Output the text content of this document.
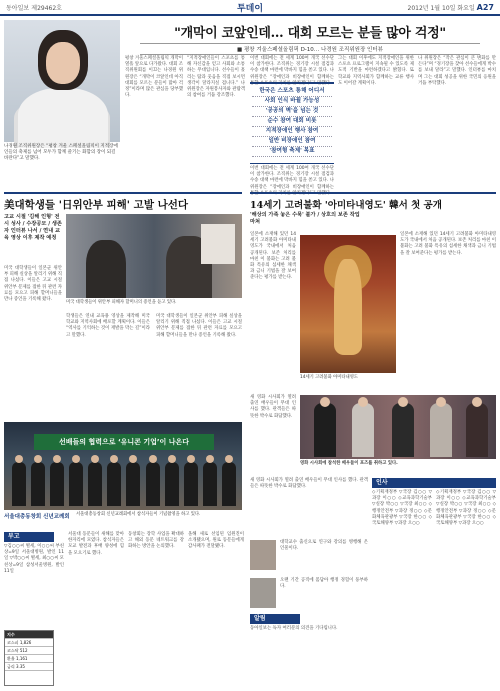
동아일보 제29462호	투데이	2012년 1월 10일 화요일 A27
나경원 조직위원장은 “평창 겨울 스페셜올림픽이 지적장애인들의 축제를 넘어 모두가 함께 즐기는 화합의 장이 되길 바란다”고 말했다.
"개막이 코앞인데… 대회 모르는 분들 많아 걱정"
■ 평창 겨울스페셜올림픽 D-10… 나경원 조직위원장 인터뷰
평창 겨울스페셜올림픽 개막이 열흘 앞으로 다가왔다. 대회 조직위원회를 이끄는 나경원 위원장은 “개막이 코앞인데 아직 대회를 모르는 분들이 많아 걱정”이라며 많은 관심을 당부했다.
“지적장애인들이 스포츠를 통해 자신감을 얻고 사회와 소통하는 무대입니다. 선수들이 흘리는 땀과 웃음을 직접 보시면 생각이 달라지실 겁니다.” 나 위원장은 자원봉사자와 관람객의 참여를 거듭 강조했다.
이번 대회에는 전 세계 100여 개국 선수단이 참가한다. 조직위는 경기장 시설 점검과 수송 대책 마련에 막바지 힘을 쏟고 있다. 나 위원장은 “장애인과 비장애인이 함께하는 통합 스포츠의 가치를 알리겠다”고 말했다.
한국은 스포츠 통해 어디서
사회 인식 바뀔 가능성
'공공의 벽'을 넘는 것
순수 참여 대회 비롯
지적장애인 행사 참여
일반 비장애인 참여
'참여형 축제' 목표
이번 대회에는 전 세계 100여 개국 선수단이 참가한다. 조직위는 경기장 시설 점검과 수송 대책 마련에 막바지 힘을 쏟고 있다. 나 위원장은 “장애인과 비장애인이 함께하는 통합 스포츠의 가치를 알리겠다”고 말했다.
그는 대회 이후에도 지적장애인을 위한 스포츠 프로그램이 지속될 수 있도록 제도적 기반을 마련하겠다고 밝혔다. 또 학교와 지역사회가 함께하는 교류 행사도 이어갈 계획이다.
나 위원장은 “작은 관심이 큰 변화를 만든다”며 “경기장을 찾아 선수들에게 박수를 보내 달라”고 말했다. 인터뷰를 마치며 그는 대회 성공을 위한 국민의 응원을 거듭 부탁했다.
美대학생들 '日위안부 피해' 고발 나선다
고교 시절 '김해 인형' 전시 성사 / 수장공모 / 생존자 인터뷰 나서 / 연내 교육 영상 이후 제작 예정
미국 대학생들이 일본군 위안부 피해 실상을 알리기 위해 직접 나섰다. 이들은 고교 시절 위안부 문제를 접한 뒤 관련 자료를 모으고 피해 할머니들을 만나 증언을 기록해 왔다.
미국 대학생들이 위안부 피해자 할머니의 증언을 듣고 있다.
학생들은 연내 교육용 영상을 제작해 미국 학교와 지역사회에 배포할 계획이다. 이들은 “역사를 기억하는 것이 재발을 막는 길”이라고 말했다.
미국 대학생들이 일본군 위안부 피해 실상을 알리기 위해 직접 나섰다. 이들은 고교 시절 위안부 문제를 접한 뒤 관련 자료를 모으고 피해 할머니들을 만나 증언을 기록해 왔다.
14세기 고려불화 '아미타내영도' 韓서 첫 공개
'해상의 가족 놓은 수묵' 불가 / 상호의 보존 작업 마쳐
일본에 소재해 있던 14세기 고려불화 아미타내영도가 국내에서 처음 공개된다. 보존 처리를 마친 이 불화는 고려 불화 특유의 섬세한 채색과 금니 기법을 잘 보여준다는 평가를 받는다.
14세기 고려불화 아미타내영도
일본에 소재해 있던 14세기 고려불화 아미타내영도가 국내에서 처음 공개된다. 보존 처리를 마친 이 불화는 고려 불화 특유의 섬세한 채색과 금니 기법을 잘 보여준다는 평가를 받는다.
영화 시사회에 참석한 배우들이 포즈를 취하고 있다.
새 영화 시사회가 열려 출연 배우들이 무대 인사를 했다. 관객들은 따뜻한 박수로 화답했다.
선배들의 협력으로 ‘유니콘 기업’이 나온다
서울대총동창회 신년교례회	서울대총동창회 신년교례회에서 참석자들이 기념촬영을 하고 있다.
부고
▽김○○씨 별세, 이○○씨 부친상=9일 서울대병원, 발인 11일 ▽박○○씨 별세, 최○○씨 모친상=9일 삼성서울병원, 발인 11일
서울대 동문들이 새해를 맞아 한자리에 모였다. 참석자들은 모교 발전과 후배 양성에 힘을 모으기로 했다.
동창회는 장학 사업을 확대하고 해외 동문 네트워크를 강화하는 방안을 논의했다.
올해 새로 선임된 임원진이 소개됐으며, 원로 동문들에게 감사패가 전달됐다.
지수
코스피 1,826
코스닥 512
환율 1,161
금리 3.35
새 영화 시사회가 열려 출연 배우들이 무대 인사를 했다. 관객들은 따뜻한 박수로 화답했다.
대학교수 출신으로 연구와 강의를 병행해 온 인물이다.
오랜 기간 공직에 몸담아 행정 경험이 풍부하다.
알림
동아일보는 독자 여러분의 의견을 기다립니다.
인사
◇기획재정부 ▽국장 김○○ ▽과장 이○○ ◇교육과학기술부 ▽실장 박○○ ▽국장 최○○ ◇행정안전부 ▽과장 정○○ ◇문화체육관광부 ▽국장 한○○ ◇국토해양부 ▽과장 오○○
◇기획재정부 ▽국장 김○○ ▽과장 이○○ ◇교육과학기술부 ▽실장 박○○ ▽국장 최○○ ◇행정안전부 ▽과장 정○○ ◇문화체육관광부 ▽국장 한○○ ◇국토해양부 ▽과장 오○○
